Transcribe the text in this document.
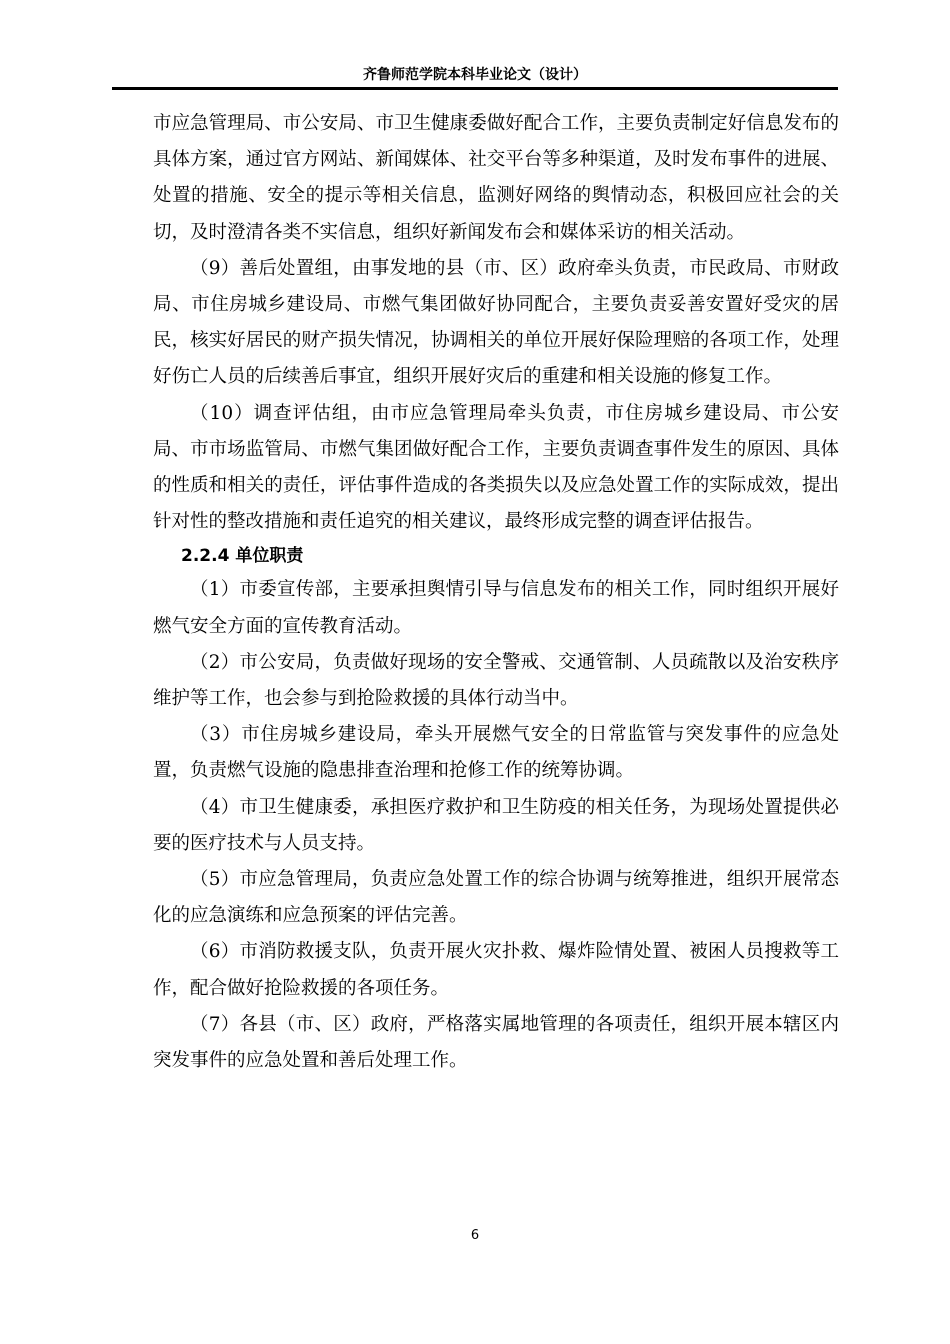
齐鲁师范学院本科毕业论文（设计）

市应急管理局、市公安局、市卫生健康委做好配合工作，主要负责制定好信息发布的具体方案，通过官方网站、新闻媒体、社交平台等多种渠道，及时发布事件的进展、处置的措施、安全的提示等相关信息，监测好网络的舆情动态，积极回应社会的关切，及时澄清各类不实信息，组织好新闻发布会和媒体采访的相关活动。

（9）善后处置组，由事发地的县（市、区）政府牵头负责，市民政局、市财政局、市住房城乡建设局、市燃气集团做好协同配合，主要负责妥善安置好受灾的居民，核实好居民的财产损失情况，协调相关的单位开展好保险理赔的各项工作，处理好伤亡人员的后续善后事宜，组织开展好灾后的重建和相关设施的修复工作。

（10）调查评估组，由市应急管理局牵头负责，市住房城乡建设局、市公安局、市市场监管局、市燃气集团做好配合工作，主要负责调查事件发生的原因、具体的性质和相关的责任，评估事件造成的各类损失以及应急处置工作的实际成效，提出针对性的整改措施和责任追究的相关建议，最终形成完整的调查评估报告。

2.2.4 单位职责

（1）市委宣传部，主要承担舆情引导与信息发布的相关工作，同时组织开展好燃气安全方面的宣传教育活动。

（2）市公安局，负责做好现场的安全警戒、交通管制、人员疏散以及治安秩序维护等工作，也会参与到抢险救援的具体行动当中。

（3）市住房城乡建设局，牵头开展燃气安全的日常监管与突发事件的应急处置，负责燃气设施的隐患排查治理和抢修工作的统筹协调。

（4）市卫生健康委，承担医疗救护和卫生防疫的相关任务，为现场处置提供必要的医疗技术与人员支持。

（5）市应急管理局，负责应急处置工作的综合协调与统筹推进，组织开展常态化的应急演练和应急预案的评估完善。

（6）市消防救援支队，负责开展火灾扑救、爆炸险情处置、被困人员搜救等工作，配合做好抢险救援的各项任务。

（7）各县（市、区）政府，严格落实属地管理的各项责任，组织开展本辖区内突发事件的应急处置和善后处理工作。

6
